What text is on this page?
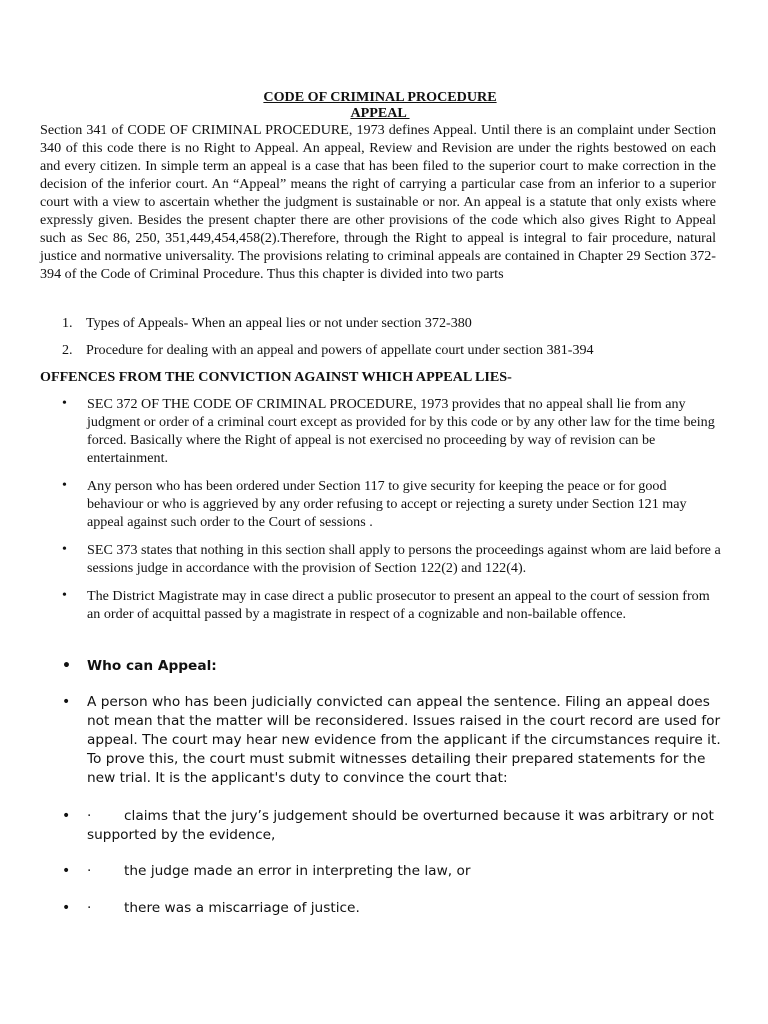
CODE OF CRIMINAL PROCEDURE
APPEAL

Section 341 of CODE OF CRIMINAL PROCEDURE, 1973 defines Appeal. Until there is an complaint under Section 340 of this code there is no Right to Appeal. An appeal, Review and Revision are under the rights bestowed on each and every citizen. In simple term an appeal is a case that has been filed to the superior court to make correction in the decision of the inferior court. An “Appeal” means the right of carrying a particular case from an inferior to a superior court with a view to ascertain whether the judgment is sustainable or nor. An appeal is a statute that only exists where expressly given. Besides the present chapter there are other provisions of the code which also gives Right to Appeal such as Sec 86, 250, 351,449,454,458(2).Therefore, through the Right to appeal is integral to fair procedure, natural justice and normative universality. The provisions relating to criminal appeals are contained in Chapter 29 Section 372-394 of the Code of Criminal Procedure. Thus this chapter is divided into two parts

1. Types of Appeals- When an appeal lies or not under section 372-380
2. Procedure for dealing with an appeal and powers of appellate court under section 381-394
OFFENCES FROM THE CONVICTION AGAINST WHICH APPEAL LIES-
•	SEC 372 OF THE CODE OF CRIMINAL PROCEDURE, 1973 provides that no appeal shall lie from any judgment or order of a criminal court except as provided for by this code or by any other law for the time being forced. Basically where the Right of appeal is not exercised no proceeding by way of revision can be entertainment.
•	Any person who has been ordered under Section 117 to give security for keeping the peace or for good behaviour or who is aggrieved by any order refusing to accept or rejecting a surety under Section 121 may appeal against such order to the Court of sessions .
•	SEC 373 states that nothing in this section shall apply to persons the proceedings against whom are laid before a sessions judge in accordance with the provision of Section 122(2) and 122(4).
•	The District Magistrate may in case direct a public prosecutor to present an appeal to the court of session from an order of acquittal passed by a magistrate in respect of a cognizable and non-bailable offence.
•	Who can Appeal:
•	A person who has been judicially convicted can appeal the sentence. Filing an appeal does not mean that the matter will be reconsidered. Issues raised in the court record are used for appeal. The court may hear new evidence from the applicant if the circumstances require it. To prove this, the court must submit witnesses detailing their prepared statements for the new trial. It is the applicant's duty to convince the court that:
•	· claims that the jury’s judgement should be overturned because it was arbitrary or not supported by the evidence,
•	· the judge made an error in interpreting the law, or
•	· there was a miscarriage of justice.
